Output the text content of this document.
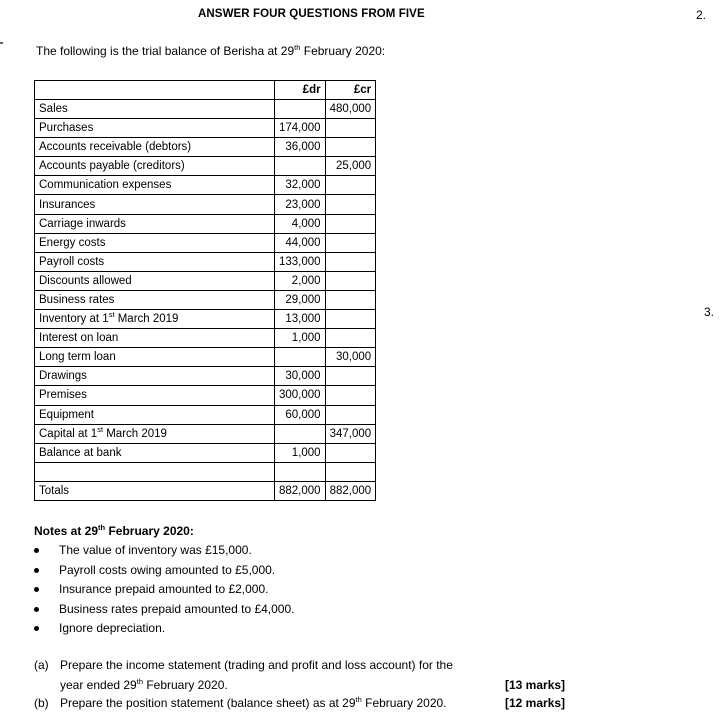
ANSWER FOUR QUESTIONS FROM FIVE	2.
3.
The following is the trial balance of Berisha at 29th February 2020:
	£dr	£cr
Sales		480,000
Purchases	174,000	
Accounts receivable (debtors)	36,000	
Accounts payable (creditors)		25,000
Communication expenses	32,000	
Insurances	23,000	
Carriage inwards	4,000	
Energy costs	44,000	
Payroll costs	133,000	
Discounts allowed	2,000	
Business rates	29,000	
Inventory at 1st March 2019	13,000	
Interest on loan	1,000	
Long term loan		30,000
Drawings	30,000	
Premises	300,000	
Equipment	60,000	
Capital at 1st March 2019		347,000
Balance at bank	1,000	

Totals	882,000	882,000
Notes at 29th February 2020:
The value of inventory was £15,000.
Payroll costs owing amounted to £5,000.
Insurance prepaid amounted to £2,000.
Business rates prepaid amounted to £4,000.
Ignore depreciation.
(a) Prepare the income statement (trading and profit and loss account) for the
year ended 29th February 2020.	[13 marks]
(b) Prepare the position statement (balance sheet) as at 29th February 2020.	[12 marks]
